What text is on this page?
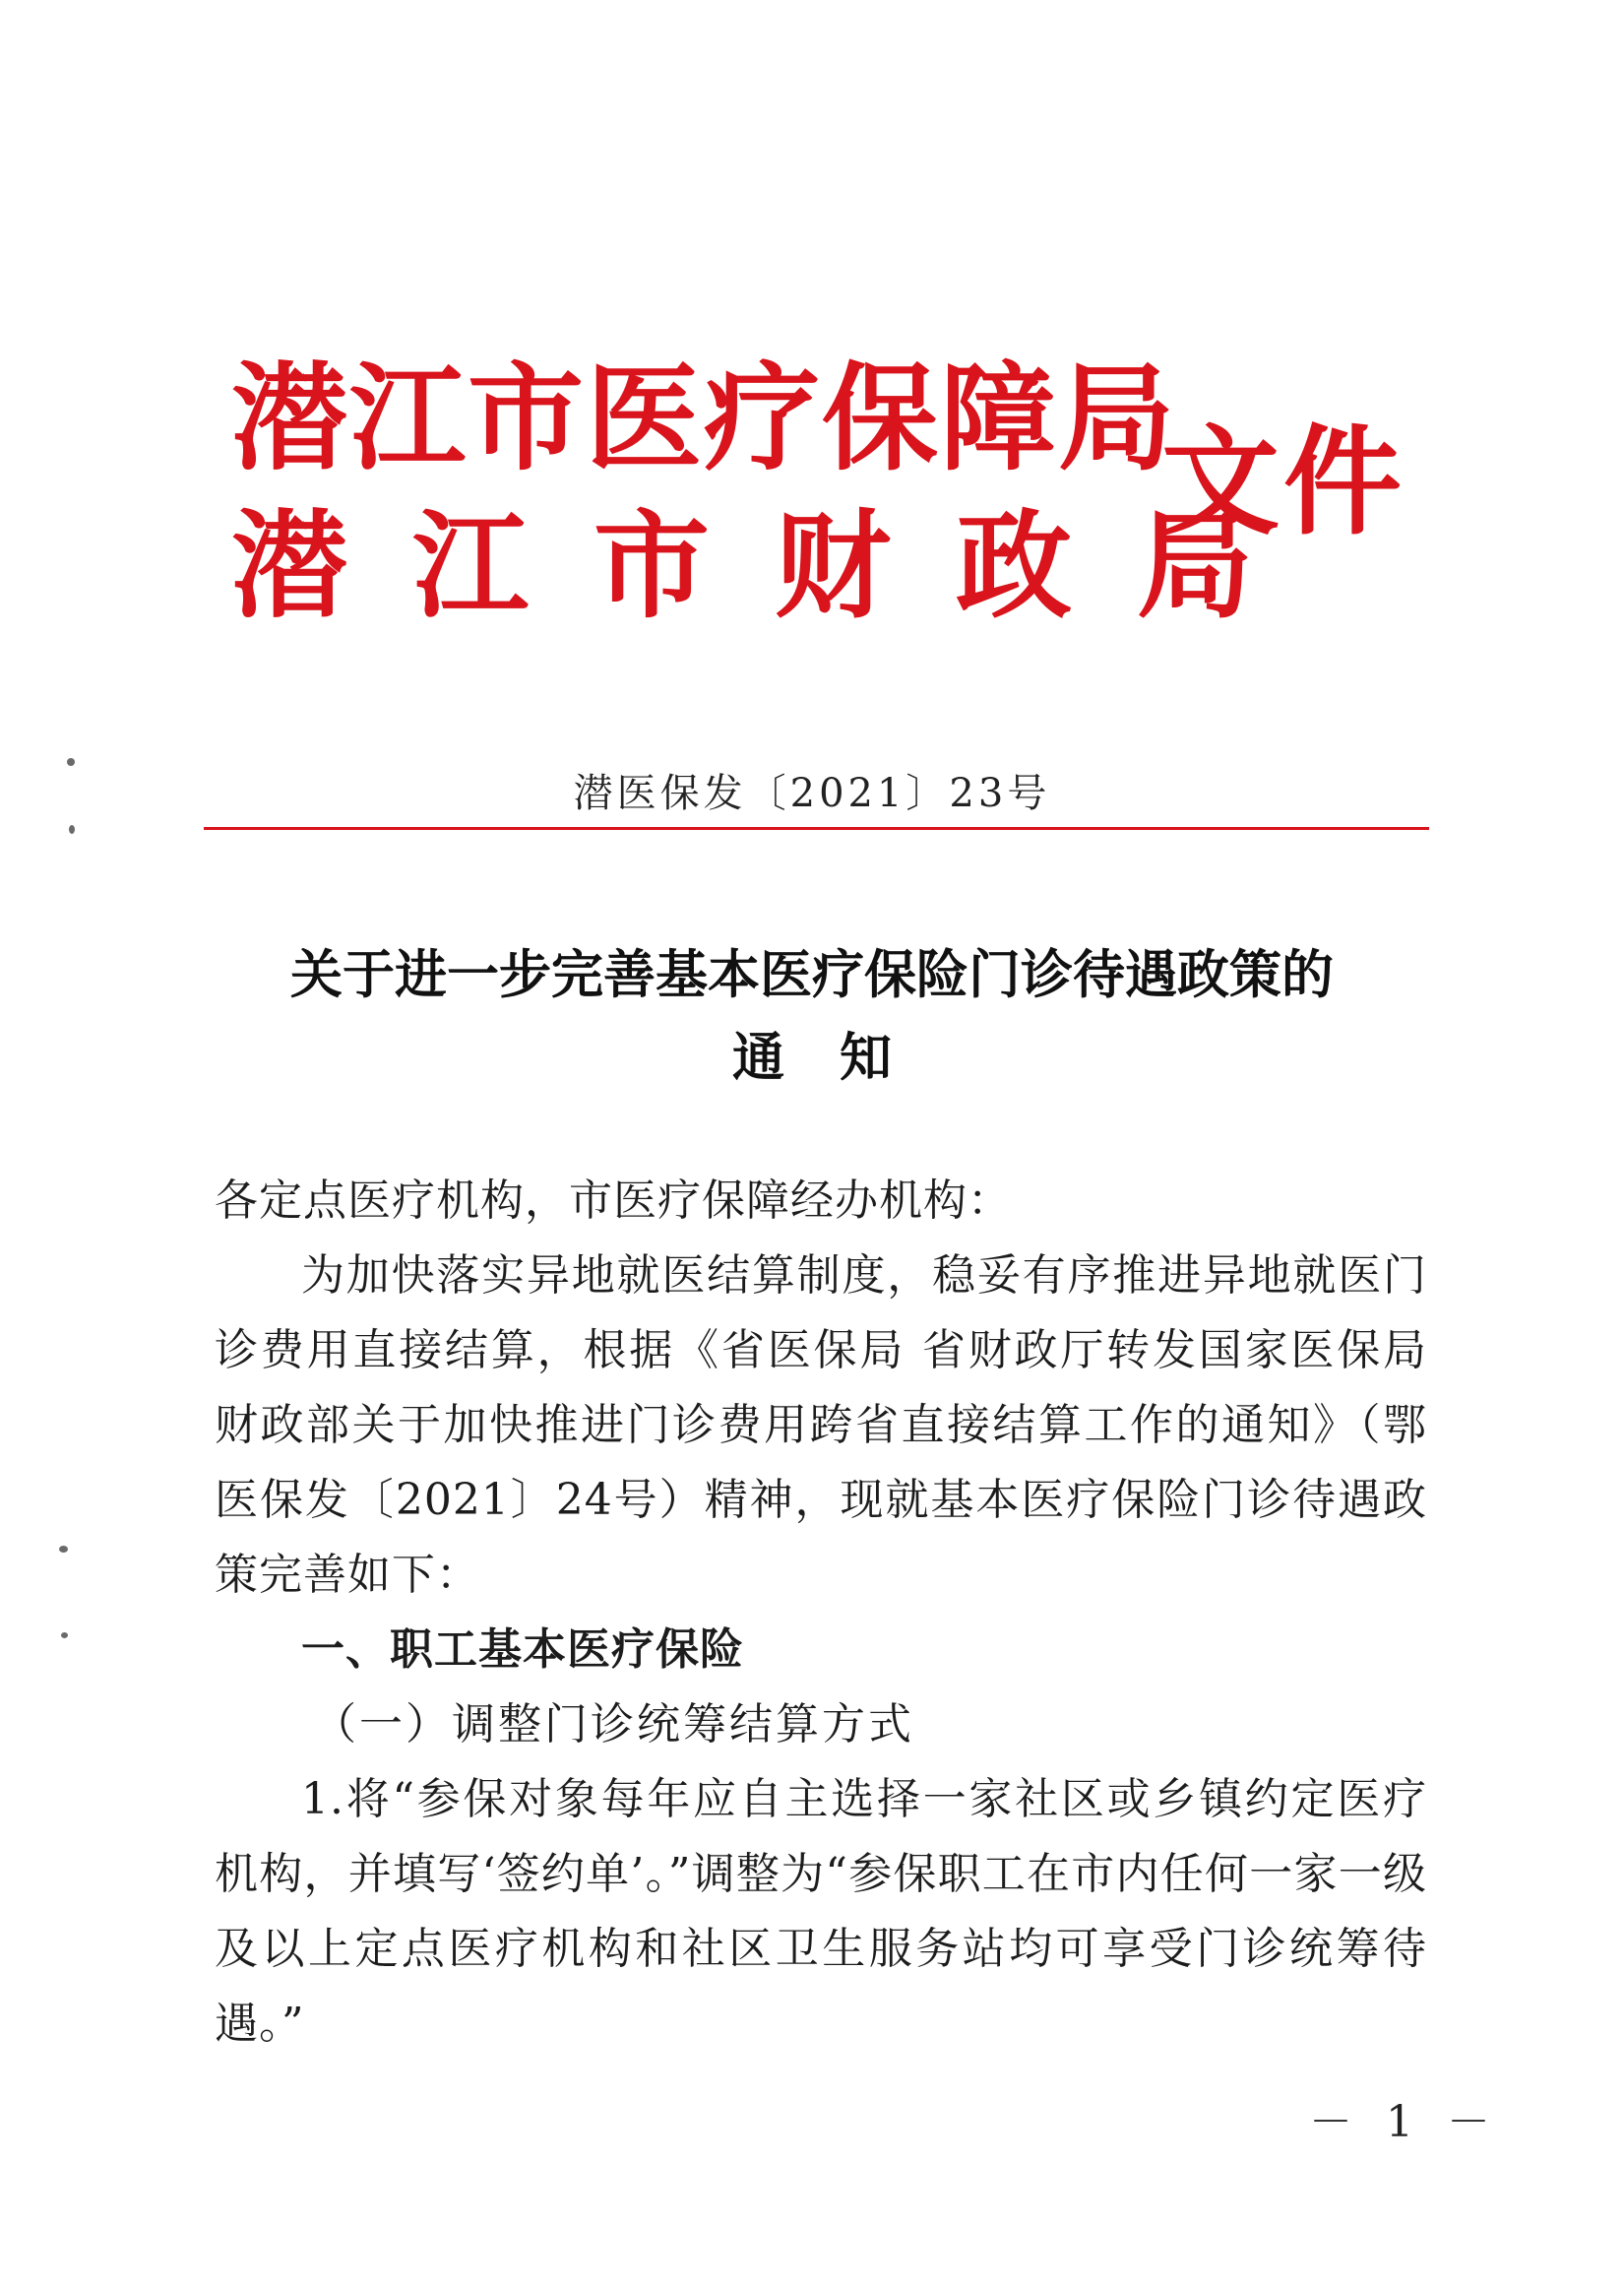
潜江市医疗保障局

潜江市财政局

文件

潜医保发〔2021〕23号

关于进一步完善基本医疗保险门诊待遇政策的
通知

各定点医疗机构，市医疗保障经办机构：

为加快落实异地就医结算制度，稳妥有序推进异地就医门诊费用直接结算，根据《省医保局 省财政厅转发国家医保局 财政部关于加快推进门诊费用跨省直接结算工作的通知》（鄂医保发〔2021〕24号）精神，现就基本医疗保险门诊待遇政策完善如下：

一、职工基本医疗保险

（一）调整门诊统筹结算方式

1.将“参保对象每年应自主选择一家社区或乡镇约定医疗机构，并填写‘签约单’。”调整为“参保职工在市内任何一家一级及以上定点医疗机构和社区卫生服务站均可享受门诊统筹待遇。”

－ 1 －
